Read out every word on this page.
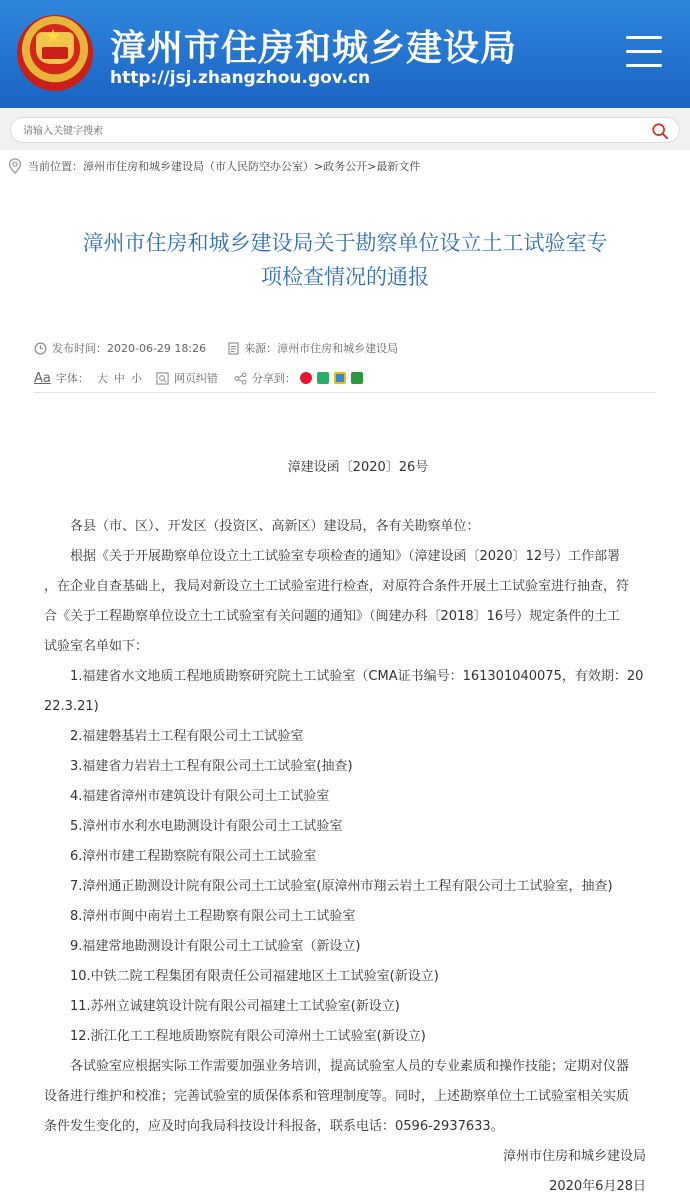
★ 漳州市住房和城乡建设局
http://jsj.zhangzhou.gov.cn
请输入关键字搜索
当前位置： 漳州市住房和城乡建设局（市人民防空办公室） >政务公开 >最新文件
漳州市住房和城乡建设局关于勘察单位设立土工试验室专
项检查情况的通报
发布时间： 2020-06-29 18:26	来源： 漳州市住房和城乡建设局
Aa 字体： 大 中 小	网页纠错	分享到：
漳建设函〔2020〕26号
各县（市、区）、开发区（投资区、高新区）建设局，各有关勘察单位：
根据《关于开展勘察单位设立土工试验室专项检查的通知》（漳建设函〔2020〕12号）工作部署
，在企业自查基础上，我局对新设立土工试验室进行检查，对原符合条件开展土工试验室进行抽查，符
合《关于工程勘察单位设立土工试验室有关问题的通知》（闽建办科〔2018〕16号）规定条件的土工
试验室名单如下：
1.福建省水文地质工程地质勘察研究院土工试验室（CMA证书编号：161301040075，有效期：20
22.3.21)
2.福建磐基岩土工程有限公司土工试验室
3.福建省力岩岩土工程有限公司土工试验室(抽查)
4.福建省漳州市建筑设计有限公司土工试验室
5.漳州市水利水电勘测设计有限公司土工试验室
6.漳州市建工程勘察院有限公司土工试验室
7.漳州通正勘测设计院有限公司土工试验室(原漳州市翔云岩土工程有限公司土工试验室，抽查)
8.漳州市闽中南岩土工程勘察有限公司土工试验室
9.福建常地勘测设计有限公司土工试验室（新设立)
10.中铁二院工程集团有限责任公司福建地区土工试验室(新设立)
11.苏州立诚建筑设计院有限公司福建土工试验室(新设立)
12.浙江化工工程地质勘察院有限公司漳州土工试验室(新设立)
各试验室应根据实际工作需要加强业务培训，提高试验室人员的专业素质和操作技能；定期对仪器
设备进行维护和校准；完善试验室的质保体系和管理制度等。同时，上述勘察单位土工试验室相关实质
条件发生变化的，应及时向我局科技设计科报备，联系电话：0596-2937633。
漳州市住房和城乡建设局
2020年6月28日
